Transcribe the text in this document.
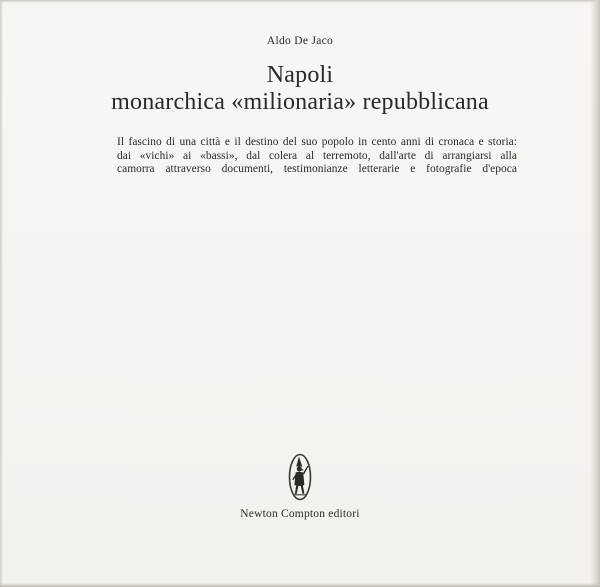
Aldo De Jaco
Napoli
monarchica «milionaria» repubblicana
Il fascino di una città e il destino del suo popolo in cento anni di cronaca e storia:
dai «vichi» ai «bassi», dal colera al terremoto, dall'arte di arrangiarsi alla
camorra attraverso documenti, testimonianze letterarie e fotografie d'epoca
Newton Compton editori
